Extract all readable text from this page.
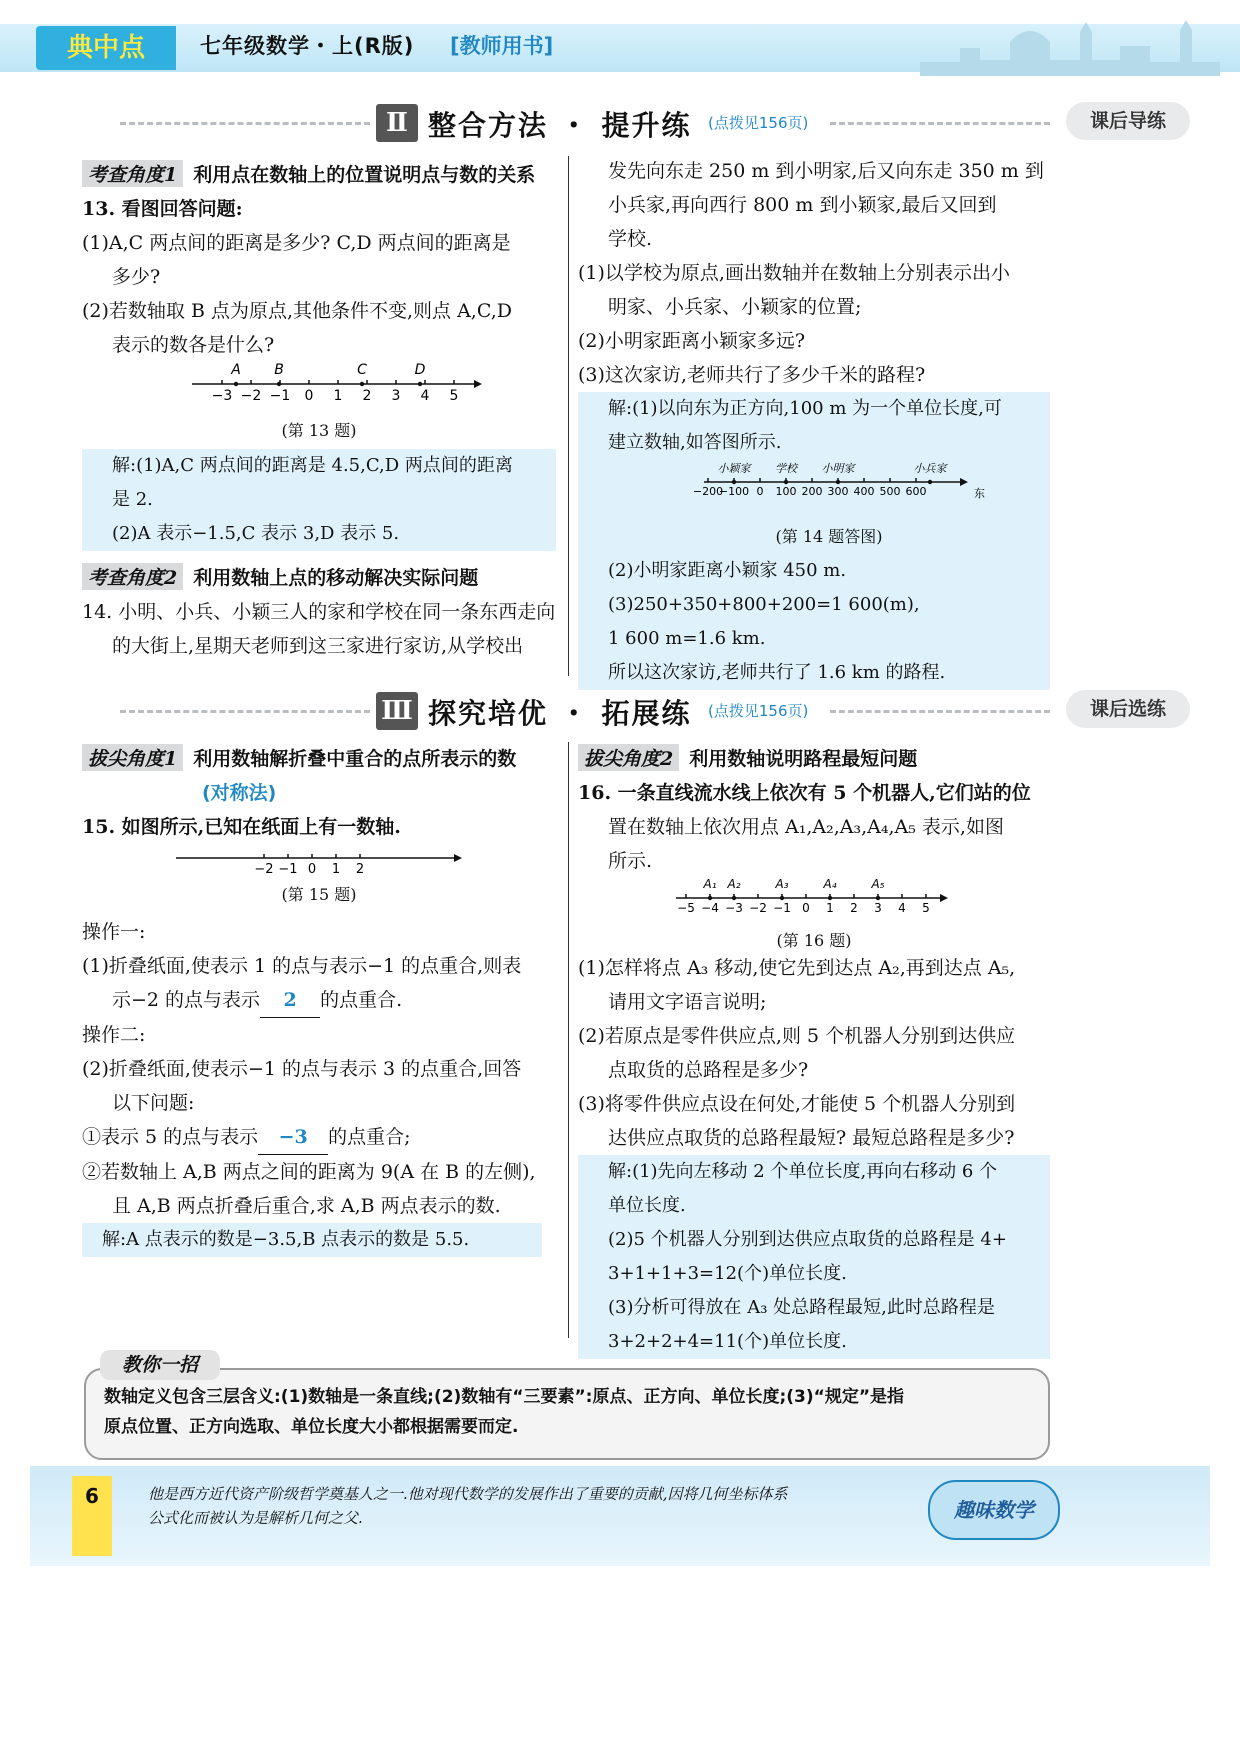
典中点	七年级数学・上(R版) [教师用书]
Ⅱ 整合方法 ・ 提升练 (点拨见156页)	课后导练
考查角度1 利用点在数轴上的位置说明点与数的关系
13. 看图回答问题:
(1)A,C 两点间的距离是多少? C,D 两点间的距离是
多少?
(2)若数轴取 B 点为原点,其他条件不变,则点 A,C,D
表示的数各是什么?
−3 −2 −1 0 1 2 3 4 5
A B	C	D
(第 13 题)
解:(1)A,C 两点间的距离是 4.5,C,D 两点间的距离
是 2.
(2)A 表示−1.5,C 表示 3,D 表示 5.
考查角度2 利用数轴上点的移动解决实际问题
14. 小明、小兵、小颖三人的家和学校在同一条东西走向
的大街上,星期天老师到这三家进行家访,从学校出
发先向东走 250 m 到小明家,后又向东走 350 m 到
小兵家,再向西行 800 m 到小颖家,最后又回到
学校.
(1)以学校为原点,画出数轴并在数轴上分别表示出小
明家、小兵家、小颖家的位置;
(2)小明家距离小颖家多远?
(3)这次家访,老师共行了多少千米的路程?
解:(1)以向东为正方向,100 m 为一个单位长度,可
建立数轴,如答图所示.
−200
−100 0 100 200 300 400 500 600
小颖家 学校 小明家	小兵家
东
(第 14 题答图)
(2)小明家距离小颖家 450 m.
(3)250+350+800+200=1 600(m),
1 600 m=1.6 km.
所以这次家访,老师共行了 1.6 km 的路程.
Ⅲ 探究培优 ・ 拓展练 (点拨见156页)	课后选练
拔尖角度1 利用数轴解折叠中重合的点所表示的数
(对称法)
15. 如图所示,已知在纸面上有一数轴.
−2 −1 0 1 2
(第 15 题)
操作一:
(1)折叠纸面,使表示 1 的点与表示−1 的点重合,则表
示−2 的点与表示 2 的点重合.
操作二:
(2)折叠纸面,使表示−1 的点与表示 3 的点重合,回答
以下问题:
①表示 5 的点与表示 −3 的点重合;
②若数轴上 A,B 两点之间的距离为 9(A 在 B 的左侧),
且 A,B 两点折叠后重合,求 A,B 两点表示的数.
解:A 点表示的数是−3.5,B 点表示的数是 5.5.
拔尖角度2 利用数轴说明路程最短问题
16. 一条直线流水线上依次有 5 个机器人,它们站的位
置在数轴上依次用点 A₁,A₂,A₃,A₄,A₅ 表示,如图
所示.
−5 −4 −3 −2 −1 0 1 2 3 4 5
A₁ A₂	A₃	A₄	A₅
(第 16 题)
(1)怎样将点 A₃ 移动,使它先到达点 A₂,再到达点 A₅,
请用文字语言说明;
(2)若原点是零件供应点,则 5 个机器人分别到达供应
点取货的总路程是多少?
(3)将零件供应点设在何处,才能使 5 个机器人分别到
达供应点取货的总路程最短? 最短总路程是多少?
解:(1)先向左移动 2 个单位长度,再向右移动 6 个
单位长度.
(2)5 个机器人分别到达供应点取货的总路程是 4+
3+1+1+3=12(个)单位长度.
(3)分析可得放在 A₃ 处总路程最短,此时总路程是
3+2+2+4=11(个)单位长度.
数轴定义包含三层含义:(1)数轴是一条直线;(2)数轴有“三要素”:原点、正方向、单位长度;(3)“规定”是指
原点位置、正方向选取、单位长度大小都根据需要而定.
教你一招
6	他是西方近代资产阶级哲学奠基人之一.他对现代数学的发展作出了重要的贡献,因将几何坐标体系
公式化而被认为是解析几何之父.	趣味数学
